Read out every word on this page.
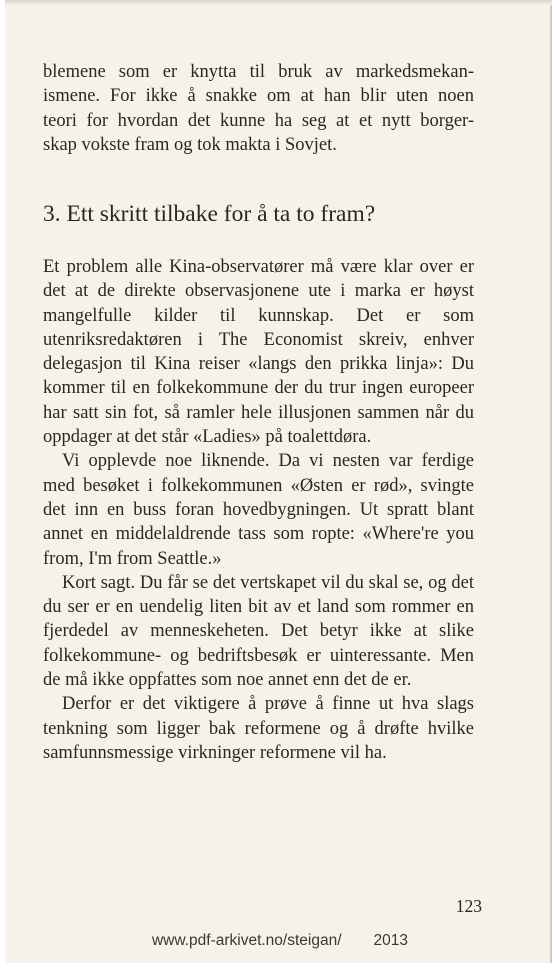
blemene som er knytta til bruk av markedsmekan-
ismene. For ikke å snakke om at han blir uten noen
teori for hvordan det kunne ha seg at et nytt borger-
skap vokste fram og tok makta i Sovjet.

3. Ett skritt tilbake for å ta to fram?

Et problem alle Kina-observatører må være klar over er det at de direkte observasjonene ute i marka er høyst mangelfulle kilder til kunnskap. Det er som utenriksredaktøren i The Economist skreiv, enhver delegasjon til Kina reiser «langs den prikka linja»: Du kommer til en folkekommune der du trur ingen europeer har satt sin fot, så ramler hele illusjonen sammen når du oppdager at det står «Ladies» på toalettdøra.

Vi opplevde noe liknende. Da vi nesten var ferdige med besøket i folkekommunen «Østen er rød», svingte det inn en buss foran hovedbygningen. Ut spratt blant annet en middelaldrende tass som ropte: «Where're you from, I'm from Seattle.»

Kort sagt. Du får se det vertskapet vil du skal se, og det du ser er en uendelig liten bit av et land som rommer en fjerdedel av menneskeheten. Det betyr ikke at slike folkekommune- og bedriftsbesøk er uinteressante. Men de må ikke oppfattes som noe annet enn det de er.

Derfor er det viktigere å prøve å finne ut hva slags tenkning som ligger bak reformene og å drøfte hvilke samfunnsmessige virkninger reformene vil ha.

123
www.pdf-arkivet.no/steigan/ 2013
